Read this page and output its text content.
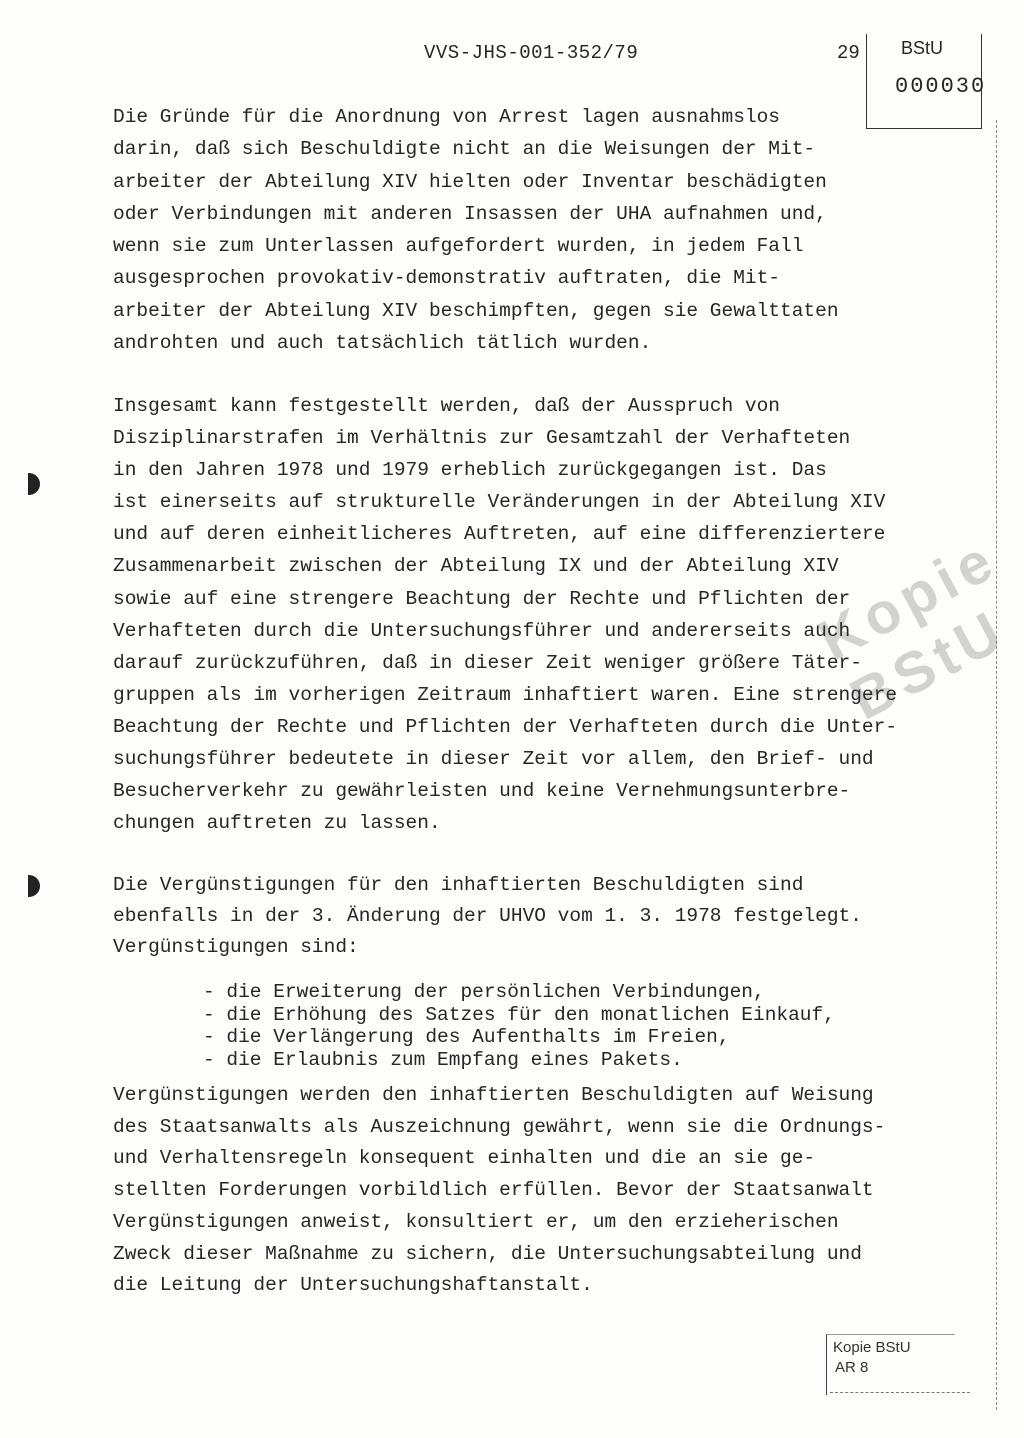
VVS-JHS-001-352/79	29 BStU
000030
Die Gründe für die Anordnung von Arrest lagen ausnahmslos
darin, daß sich Beschuldigte nicht an die Weisungen der Mit-
arbeiter der Abteilung XIV hielten oder Inventar beschädigten
oder Verbindungen mit anderen Insassen der UHA aufnahmen und,
wenn sie zum Unterlassen aufgefordert wurden, in jedem Fall
ausgesprochen provokativ-demonstrativ auftraten, die Mit-
arbeiter der Abteilung XIV beschimpften, gegen sie Gewalttaten
androhten und auch tatsächlich tätlich wurden.
Insgesamt kann festgestellt werden, daß der Ausspruch von
Disziplinarstrafen im Verhältnis zur Gesamtzahl der Verhafteten
in den Jahren 1978 und 1979 erheblich zurückgegangen ist. Das
ist einerseits auf strukturelle Veränderungen in der Abteilung XIV
und auf deren einheitlicheres Auftreten, auf eine differenziertere
Zusammenarbeit zwischen der Abteilung IX und der Abteilung XIV
sowie auf eine strengere Beachtung der Rechte und Pflichten der
Verhafteten durch die Untersuchungsführer und andererseits auch
darauf zurückzuführen, daß in dieser Zeit weniger größere Täter-
gruppen als im vorherigen Zeitraum inhaftiert waren. Eine strengere
Beachtung der Rechte und Pflichten der Verhafteten durch die Unter-
suchungsführer bedeutete in dieser Zeit vor allem, den Brief- und
Besucherverkehr zu gewährleisten und keine Vernehmungsunterbre-
chungen auftreten zu lassen.
Die Vergünstigungen für den inhaftierten Beschuldigten sind
ebenfalls in der 3. Änderung der UHVO vom 1. 3. 1978 festgelegt.
Vergünstigungen sind:
- die Erweiterung der persönlichen Verbindungen,
- die Erhöhung des Satzes für den monatlichen Einkauf,
- die Verlängerung des Aufenthalts im Freien,
- die Erlaubnis zum Empfang eines Pakets.
Vergünstigungen werden den inhaftierten Beschuldigten auf Weisung
des Staatsanwalts als Auszeichnung gewährt, wenn sie die Ordnungs-
und Verhaltensregeln konsequent einhalten und die an sie ge-
stellten Forderungen vorbildlich erfüllen. Bevor der Staatsanwalt
Vergünstigungen anweist, konsultiert er, um den erzieherischen
Zweck dieser Maßnahme zu sichern, die Untersuchungsabteilung und
die Leitung der Untersuchungshaftanstalt.
Kopie BStU
Kopie BStU
AR 8
